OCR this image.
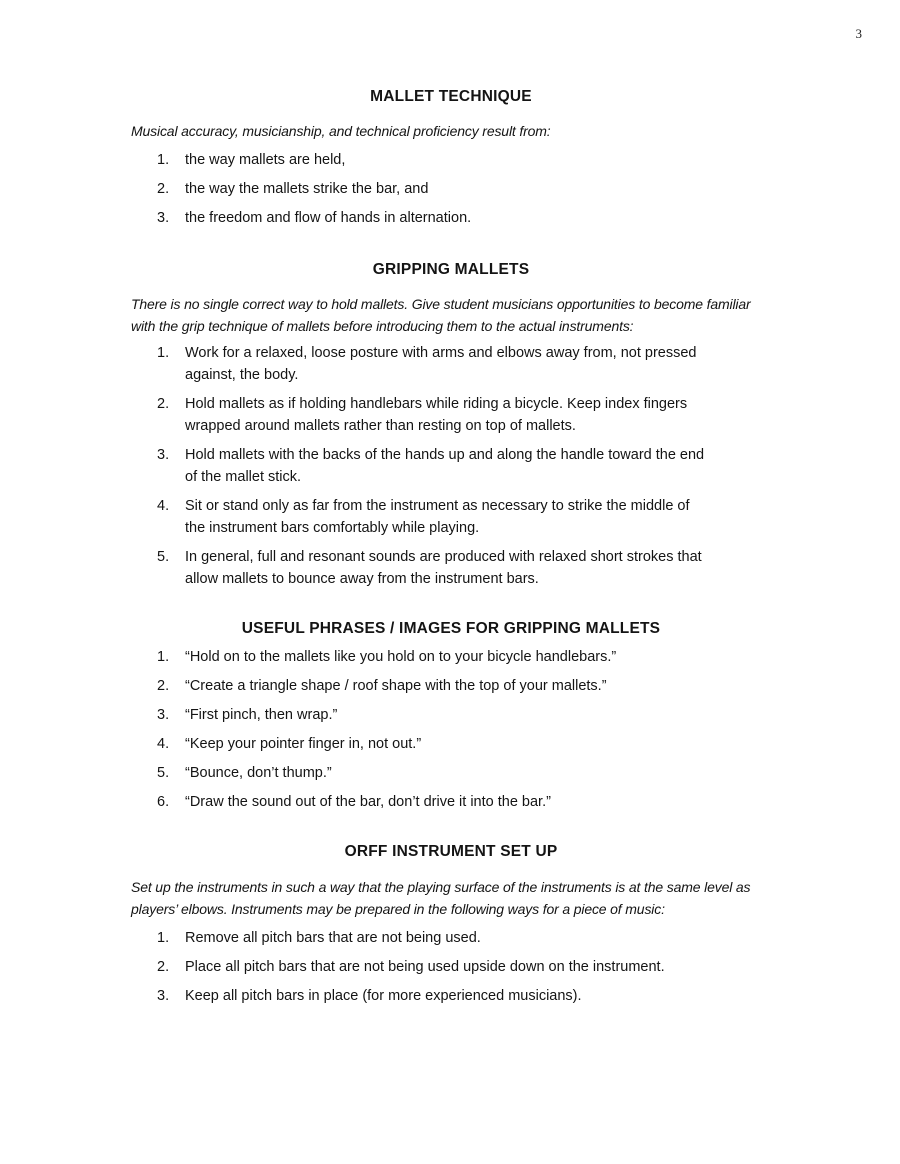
3
MALLET TECHNIQUE

Musical accuracy, musicianship, and technical proficiency result from:

1.	the way mallets are held,
2.	the way the mallets strike the bar, and
3.	the freedom and flow of hands in alternation.
GRIPPING MALLETS

There is no single correct way to hold mallets. Give student musicians opportunities to become familiar with the grip technique of mallets before introducing them to the actual instruments:

1.	Work for a relaxed, loose posture with arms and elbows away from, not pressed against, the body.
2.	Hold mallets as if holding handlebars while riding a bicycle. Keep index fingers wrapped around mallets rather than resting on top of mallets.
3.	Hold mallets with the backs of the hands up and along the handle toward the end of the mallet stick.
4.	Sit or stand only as far from the instrument as necessary to strike the middle of the instrument bars comfortably while playing.
5.	In general, full and resonant sounds are produced with relaxed short strokes that allow mallets to bounce away from the instrument bars.
USEFUL PHRASES / IMAGES FOR GRIPPING MALLETS
1.	“Hold on to the mallets like you hold on to your bicycle handlebars.”
2.	“Create a triangle shape / roof shape with the top of your mallets.”
3.	“First pinch, then wrap.”
4.	“Keep your pointer finger in, not out.”
5.	“Bounce, don’t thump.”
6.	“Draw the sound out of the bar, don’t drive it into the bar.”
ORFF INSTRUMENT SET UP

Set up the instruments in such a way that the playing surface of the instruments is at the same level as players’ elbows. Instruments may be prepared in the following ways for a piece of music:

1.	Remove all pitch bars that are not being used.
2.	Place all pitch bars that are not being used upside down on the instrument.
3.	Keep all pitch bars in place (for more experienced musicians).
